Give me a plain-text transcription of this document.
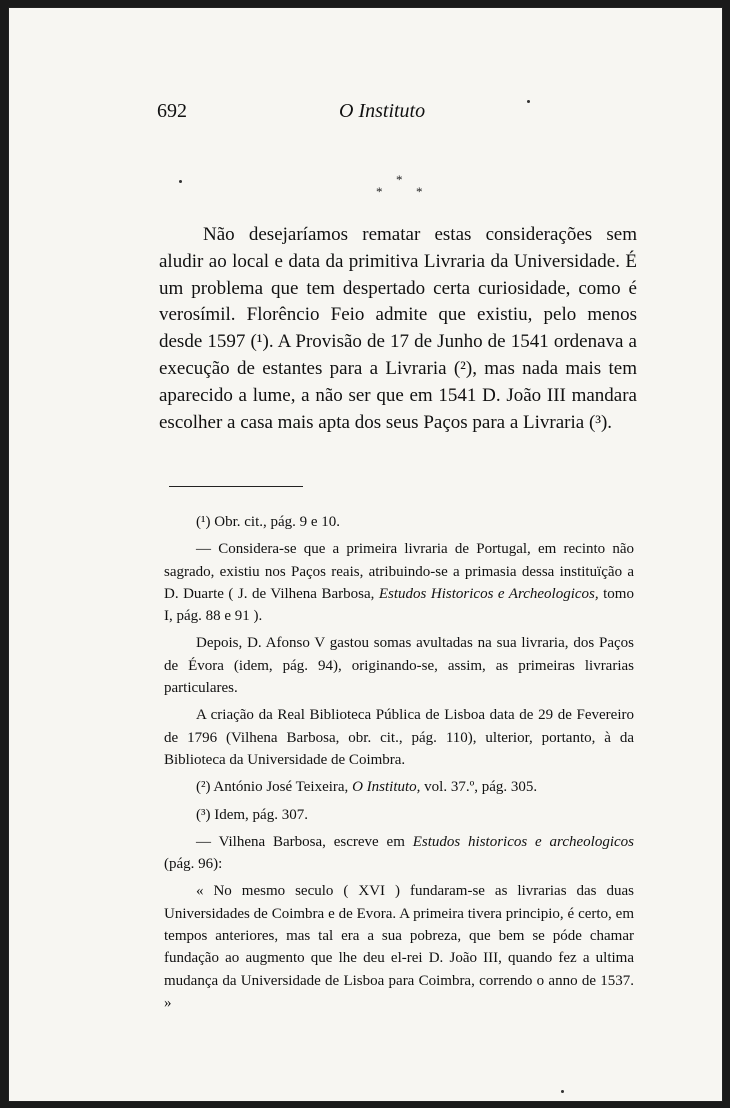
692	O Instituto
*
*	*

Não desejaríamos rematar estas considerações sem aludir ao local e data da primitiva Livraria da Universidade. É um problema que tem despertado certa curiosidade, como é verosímil. Florêncio Feio admite que existiu, pelo menos desde 1597 (¹). A Provisão de 17 de Junho de 1541 ordenava a execução de estantes para a Livraria (²), mas nada mais tem aparecido a lume, a não ser que em 1541 D. João III mandara escolher a casa mais apta dos seus Paços para a Livraria (³).

(¹) Obr. cit., pág. 9 e 10.

— Considera-se que a primeira livraria de Portugal, em recinto não sagrado, existiu nos Paços reais, atribuindo-se a primasia dessa instituïção a D. Duarte ( J. de Vilhena Barbosa, Estudos Historicos e Archeologicos, tomo I, pág. 88 e 91 ).

Depois, D. Afonso V gastou somas avultadas na sua livraria, dos Paços de Évora (idem, pág. 94), originando-se, assim, as primeiras livrarias particulares.

A criação da Real Biblioteca Pública de Lisboa data de 29 de Fevereiro de 1796 (Vilhena Barbosa, obr. cit., pág. 110), ulterior, portanto, à da Biblioteca da Universidade de Coimbra.

(²) António José Teixeira, O Instituto, vol. 37.º, pág. 305.

(³) Idem, pág. 307.

— Vilhena Barbosa, escreve em Estudos historicos e archeologicos (pág. 96):

« No mesmo seculo ( XVI ) fundaram-se as livrarias das duas Universidades de Coimbra e de Evora. A primeira tivera principio, é certo, em tempos anteriores, mas tal era a sua pobreza, que bem se póde chamar fundação ao augmento que lhe deu el-rei D. João III, quando fez a ultima mudança da Universidade de Lisboa para Coimbra, correndo o anno de 1537. »
